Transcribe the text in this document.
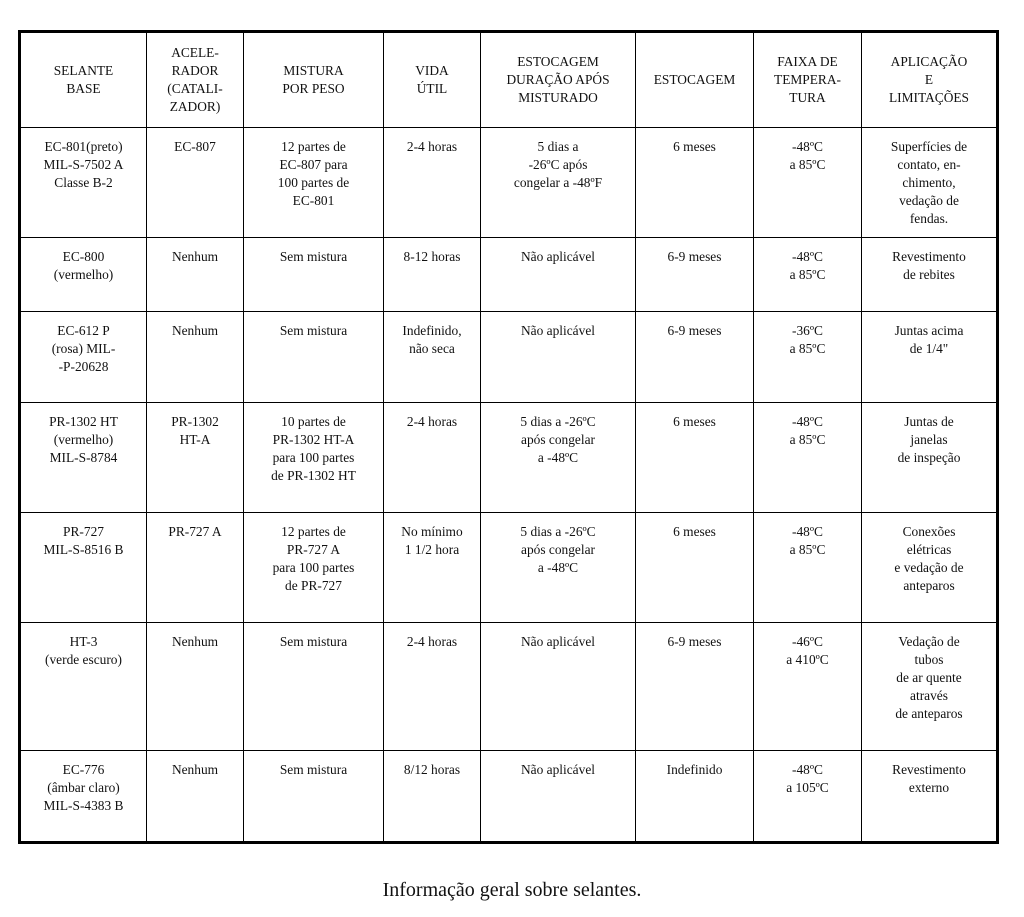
SELANTE
BASE	ACELE-
RADOR
(CATALI-
ZADOR)	MISTURA
POR PESO	VIDA
ÚTIL	ESTOCAGEM
DURAÇÃO APÓS
MISTURADO	ESTOCAGEM	FAIXA DE
TEMPERA-
TURA	APLICAÇÃO
E
LIMITAÇÕES

EC-801(preto)
MIL-S-7502 A
Classe B-2	EC-807	12 partes de
EC-807 para
100 partes de
EC-801	2-4 horas	5 dias a
-26ºC após
congelar a -48ºF	6 meses	-48ºC
a 85ºC	Superfícies de
contato, en-
chimento,
vedação de
fendas.

EC-800
(vermelho)	Nenhum	Sem mistura	8-12 horas	Não aplicável	6-9 meses	-48ºC
a 85ºC	Revestimento
de rebites

EC-612 P
(rosa) MIL-
-P-20628	Nenhum	Sem mistura	Indefinido,
não seca	Não aplicável	6-9 meses	-36ºC
a 85ºC	Juntas acima
de 1/4"

PR-1302 HT
(vermelho)
MIL-S-8784	PR-1302
HT-A	10 partes de
PR-1302 HT-A
para 100 partes
de PR-1302 HT	2-4 horas	5 dias a -26ºC
após congelar
a -48ºC	6 meses	-48ºC
a 85ºC	Juntas de
janelas
de inspeção

PR-727
MIL-S-8516 B	PR-727 A	12 partes de
PR-727 A
para 100 partes
de PR-727	No mínimo
1 1/2 hora	5 dias a -26ºC
após congelar
a -48ºC	6 meses	-48ºC
a 85ºC	Conexões
elétricas
e vedação de
anteparos

HT-3
(verde escuro)	Nenhum	Sem mistura	2-4 horas	Não aplicável	6-9 meses	-46ºC
a 410ºC	Vedação de
tubos
de ar quente
através
de anteparos

EC-776
(âmbar claro)
MIL-S-4383 B	Nenhum	Sem mistura	8/12 horas	Não aplicável	Indefinido	-48ºC
a 105ºC	Revestimento
externo
Informação geral sobre selantes.
